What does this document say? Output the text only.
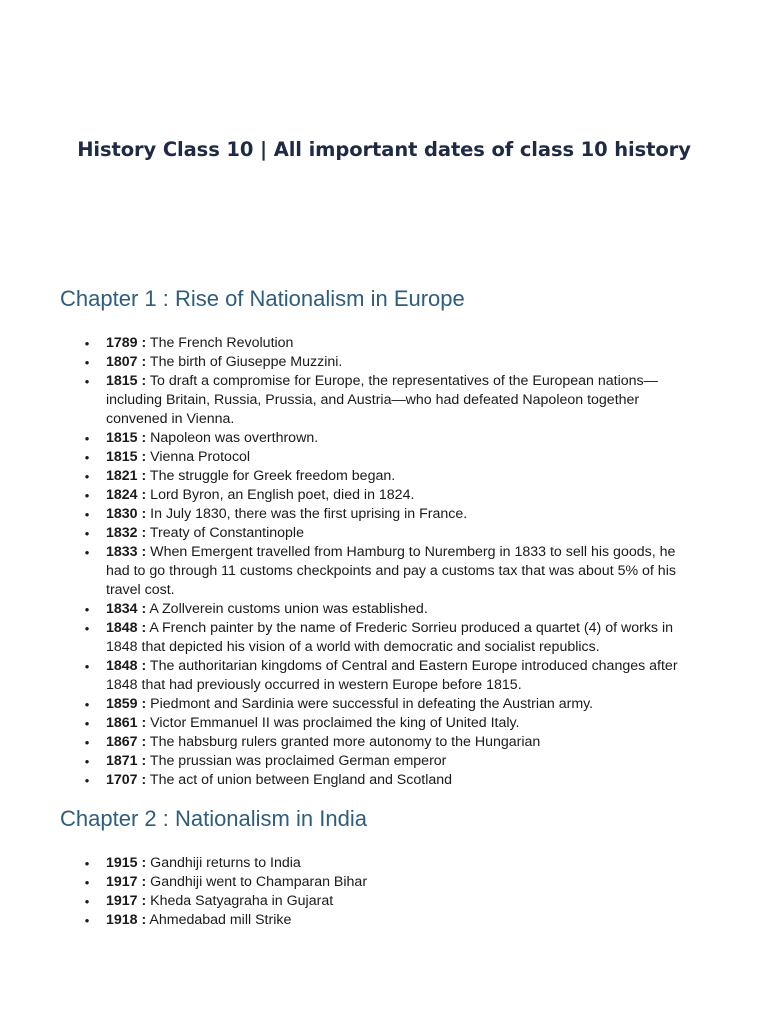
History Class 10 | All important dates of class 10 history
Chapter 1 : Rise of Nationalism in Europe
• 1789 : The French Revolution
• 1807 : The birth of Giuseppe Muzzini.
• 1815 : To draft a compromise for Europe, the representatives of the European nations—including Britain, Russia, Prussia, and Austria—who had defeated Napoleon together convened in Vienna.
• 1815 : Napoleon was overthrown.
• 1815 : Vienna Protocol
• 1821 : The struggle for Greek freedom began.
• 1824 : Lord Byron, an English poet, died in 1824.
• 1830 : In July 1830, there was the first uprising in France.
• 1832 : Treaty of Constantinople
• 1833 : When Emergent travelled from Hamburg to Nuremberg in 1833 to sell his goods, he had to go through 11 customs checkpoints and pay a customs tax that was about 5% of his travel cost.
• 1834 : A Zollverein customs union was established.
• 1848 : A French painter by the name of Frederic Sorrieu produced a quartet (4) of works in 1848 that depicted his vision of a world with democratic and socialist republics.
• 1848 : The authoritarian kingdoms of Central and Eastern Europe introduced changes after 1848 that had previously occurred in western Europe before 1815.
• 1859 : Piedmont and Sardinia were successful in defeating the Austrian army.
• 1861 : Victor Emmanuel II was proclaimed the king of United Italy.
• 1867 : The habsburg rulers granted more autonomy to the Hungarian
• 1871 : The prussian was proclaimed German emperor
• 1707 : The act of union between England and Scotland
Chapter 2 : Nationalism in India
• 1915 : Gandhiji returns to India
• 1917 : Gandhiji went to Champaran Bihar
• 1917 : Kheda Satyagraha in Gujarat
• 1918 : Ahmedabad mill Strike
